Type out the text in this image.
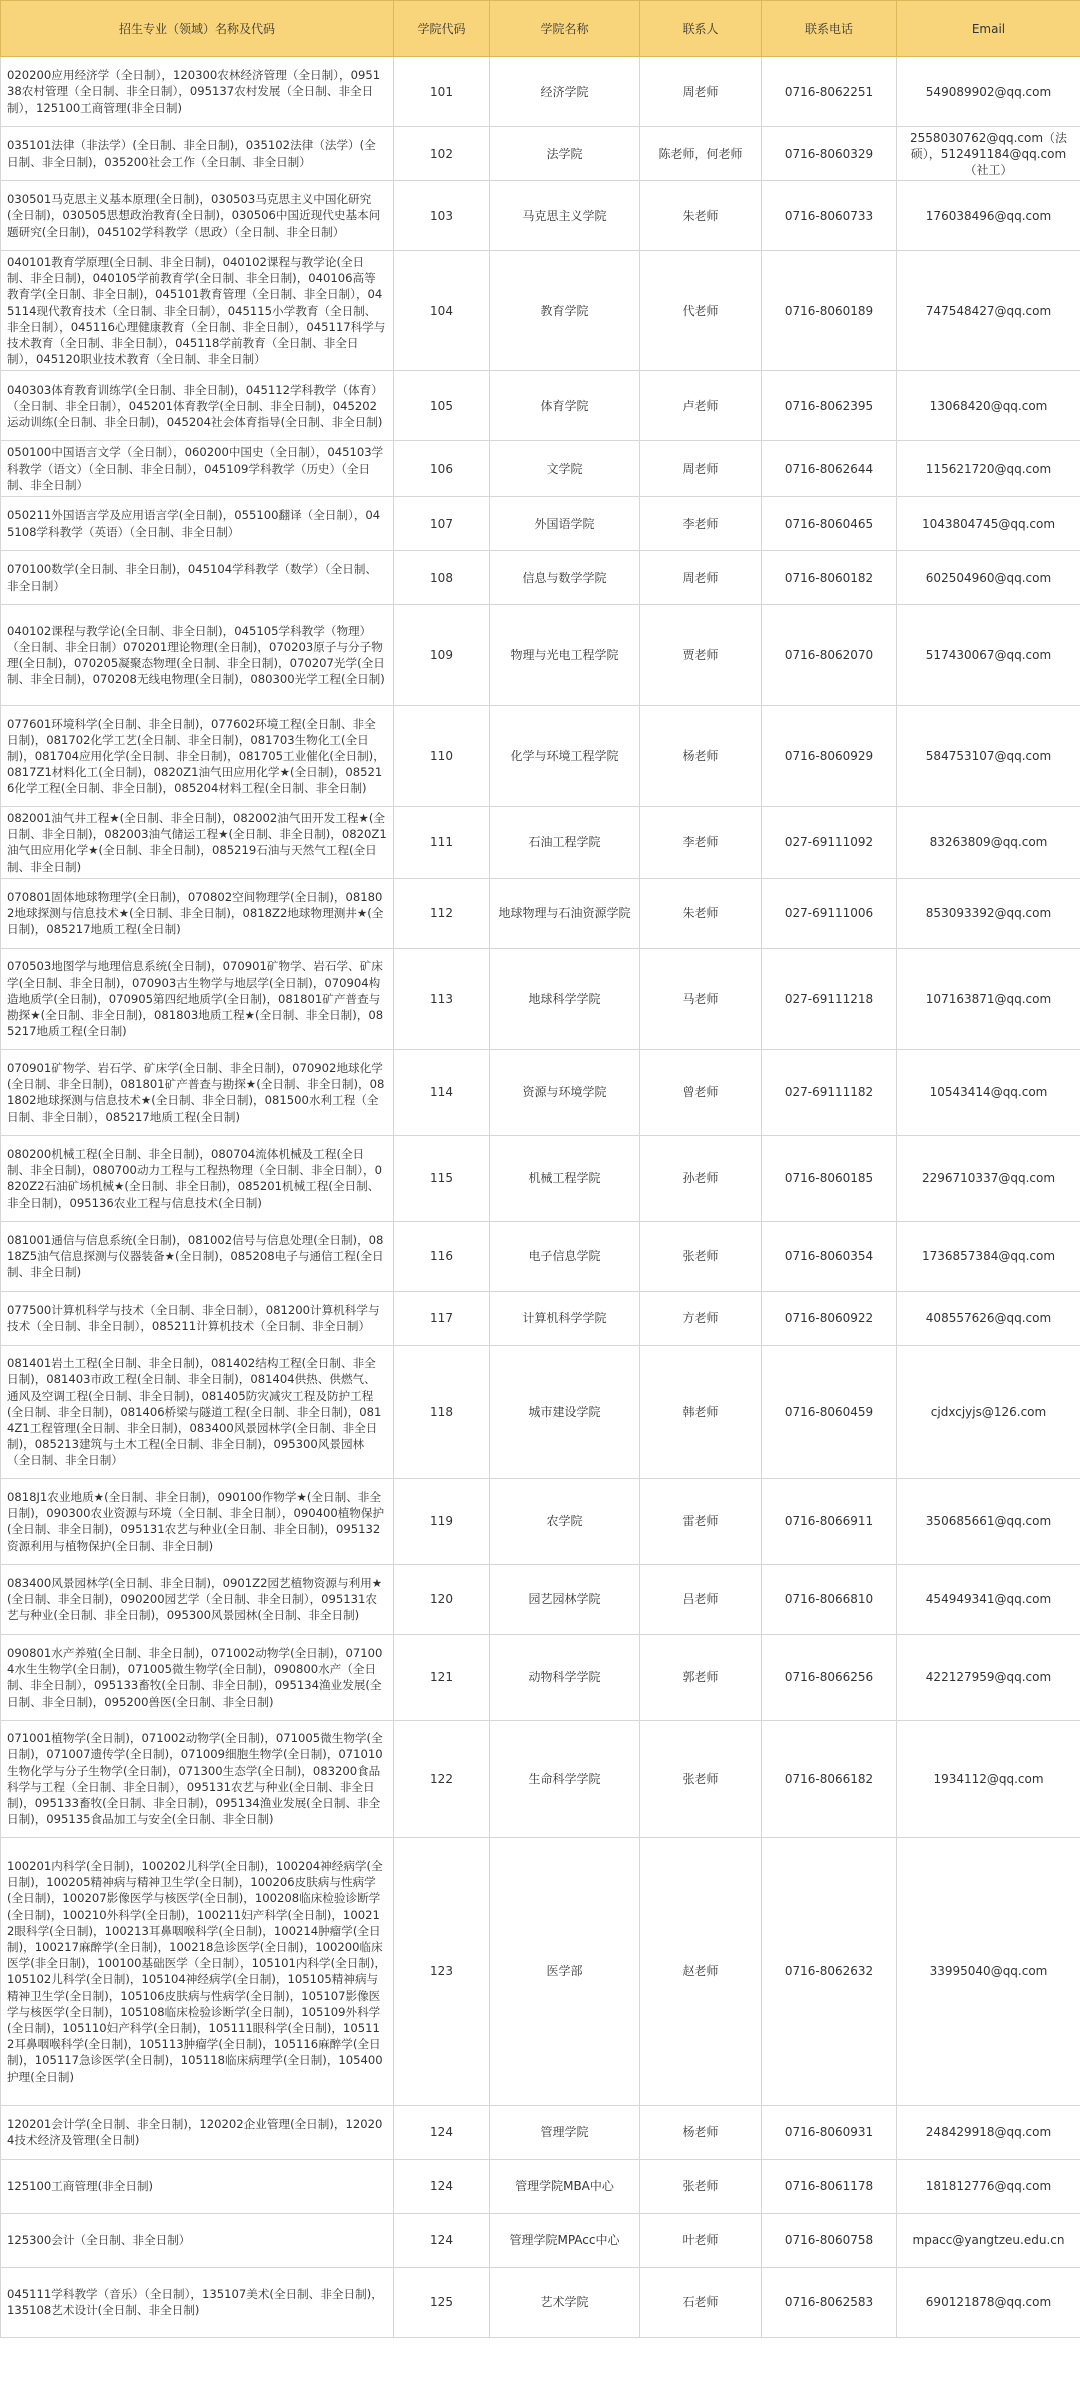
招生专业（领域）名称及代码	学院代码	学院名称	联系人	联系电话	Email
020200应用经济学（全日制），120300农林经济管理（全日制），095138农村管理（全日制、非全日制），095137农村发展（全日制、非全日制），125100工商管理(非全日制)	101	经济学院	周老师	0716-8062251	549089902@qq.com
035101法律（非法学）(全日制、非全日制)，035102法律（法学）(全日制、非全日制)，035200社会工作（全日制、非全日制）	102	法学院	陈老师，何老师	0716-8060329	2558030762@qq.com（法硕），512491184@qq.com（社工）
030501马克思主义基本原理(全日制)，030503马克思主义中国化研究(全日制)，030505思想政治教育(全日制)，030506中国近现代史基本问题研究(全日制)，045102学科教学（思政）（全日制、非全日制）	103	马克思主义学院	朱老师	0716-8060733	176038496@qq.com
040101教育学原理(全日制、非全日制)，040102课程与教学论(全日制、非全日制)，040105学前教育学(全日制、非全日制)，040106高等教育学(全日制、非全日制)，045101教育管理（全日制、非全日制），045114现代教育技术（全日制、非全日制），045115小学教育（全日制、非全日制），045116心理健康教育（全日制、非全日制），045117科学与技术教育（全日制、非全日制），045118学前教育（全日制、非全日制），045120职业技术教育（全日制、非全日制）	104	教育学院	代老师	0716-8060189	747548427@qq.com
040303体育教育训练学(全日制、非全日制)，045112学科教学（体育）（全日制、非全日制），045201体育教学(全日制、非全日制)，045202运动训练(全日制、非全日制)，045204社会体育指导(全日制、非全日制)	105	体育学院	卢老师	0716-8062395	13068420@qq.com
050100中国语言文学（全日制），060200中国史（全日制），045103学科教学（语文）（全日制、非全日制），045109学科教学（历史）（全日制、非全日制）	106	文学院	周老师	0716-8062644	115621720@qq.com
050211外国语言学及应用语言学(全日制)，055100翻译（全日制），045108学科教学（英语）（全日制、非全日制）	107	外国语学院	李老师	0716-8060465	1043804745@qq.com
070100数学(全日制、非全日制)，045104学科教学（数学）（全日制、非全日制）	108	信息与数学学院	周老师	0716-8060182	602504960@qq.com
040102课程与教学论(全日制、非全日制)，045105学科教学（物理）（全日制、非全日制）070201理论物理(全日制)，070203原子与分子物理(全日制)，070205凝聚态物理(全日制、非全日制)，070207光学(全日制、非全日制)，070208无线电物理(全日制)，080300光学工程(全日制)	109	物理与光电工程学院	贾老师	0716-8062070	517430067@qq.com
077601环境科学(全日制、非全日制)，077602环境工程(全日制、非全日制)，081702化学工艺(全日制、非全日制)，081703生物化工(全日制)，081704应用化学(全日制、非全日制)，081705工业催化(全日制)，0817Z1材料化工(全日制)，0820Z1油气田应用化学★(全日制)，085216化学工程(全日制、非全日制)，085204材料工程(全日制、非全日制)	110	化学与环境工程学院	杨老师	0716-8060929	584753107@qq.com
082001油气井工程★(全日制、非全日制)，082002油气田开发工程★(全日制、非全日制)，082003油气储运工程★(全日制、非全日制)，0820Z1油气田应用化学★(全日制、非全日制)，085219石油与天然气工程(全日制、非全日制)	111	石油工程学院	李老师	027-69111092	83263809@qq.com
070801固体地球物理学(全日制)，070802空间物理学(全日制)，081802地球探测与信息技术★(全日制、非全日制)，0818Z2地球物理测井★(全日制)，085217地质工程(全日制)	112	地球物理与石油资源学院	朱老师	027-69111006	853093392@qq.com
070503地图学与地理信息系统(全日制)，070901矿物学、岩石学、矿床学(全日制、非全日制)，070903古生物学与地层学(全日制)，070904构造地质学(全日制)，070905第四纪地质学(全日制)，081801矿产普查与勘探★(全日制、非全日制)，081803地质工程★(全日制、非全日制)，085217地质工程(全日制)	113	地球科学学院	马老师	027-69111218	107163871@qq.com
070901矿物学、岩石学、矿床学(全日制、非全日制)，070902地球化学(全日制、非全日制)，081801矿产普查与勘探★(全日制、非全日制)，081802地球探测与信息技术★(全日制、非全日制)，081500水利工程（全日制、非全日制），085217地质工程(全日制)	114	资源与环境学院	曾老师	027-69111182	10543414@qq.com
080200机械工程(全日制、非全日制)，080704流体机械及工程(全日制、非全日制)，080700动力工程与工程热物理（全日制、非全日制），0820Z2石油矿场机械★(全日制、非全日制)，085201机械工程(全日制、非全日制)，095136农业工程与信息技术(全日制)	115	机械工程学院	孙老师	0716-8060185	2296710337@qq.com
081001通信与信息系统(全日制)，081002信号与信息处理(全日制)，0818Z5油气信息探测与仪器装备★(全日制)，085208电子与通信工程(全日制、非全日制)	116	电子信息学院	张老师	0716-8060354	1736857384@qq.com
077500计算机科学与技术（全日制、非全日制），081200计算机科学与技术（全日制、非全日制），085211计算机技术（全日制、非全日制）	117	计算机科学学院	方老师	0716-8060922	408557626@qq.com
081401岩土工程(全日制、非全日制)，081402结构工程(全日制、非全日制)，081403市政工程(全日制、非全日制)，081404供热、供燃气、通风及空调工程(全日制、非全日制)，081405防灾减灾工程及防护工程(全日制、非全日制)，081406桥梁与隧道工程(全日制、非全日制)，0814Z1工程管理(全日制、非全日制)，083400风景园林学(全日制、非全日制)，085213建筑与土木工程(全日制、非全日制)，095300风景园林（全日制、非全日制）	118	城市建设学院	韩老师	0716-8060459	cjdxcjyjs@126.com
0818J1农业地质★(全日制、非全日制)，090100作物学★(全日制、非全日制)，090300农业资源与环境（全日制、非全日制），090400植物保护(全日制、非全日制)，095131农艺与种业(全日制、非全日制)，095132资源利用与植物保护(全日制、非全日制)	119	农学院	雷老师	0716-8066911	350685661@qq.com
083400风景园林学(全日制、非全日制)，0901Z2园艺植物资源与利用★(全日制、非全日制)，090200园艺学（全日制、非全日制），095131农艺与种业(全日制、非全日制)，095300风景园林(全日制、非全日制)	120	园艺园林学院	吕老师	0716-8066810	454949341@qq.com
090801水产养殖(全日制、非全日制)，071002动物学(全日制)，071004水生生物学(全日制)，071005微生物学(全日制)，090800水产（全日制、非全日制），095133畜牧(全日制、非全日制)，095134渔业发展(全日制、非全日制)，095200兽医(全日制、非全日制)	121	动物科学学院	郭老师	0716-8066256	422127959@qq.com
071001植物学(全日制)，071002动物学(全日制)，071005微生物学(全日制)，071007遗传学(全日制)，071009细胞生物学(全日制)，071010生物化学与分子生物学(全日制)，071300生态学(全日制)，083200食品科学与工程（全日制、非全日制），095131农艺与种业(全日制、非全日制)，095133畜牧(全日制、非全日制)，095134渔业发展(全日制、非全日制)，095135食品加工与安全(全日制、非全日制)	122	生命科学学院	张老师	0716-8066182	1934112@qq.com
100201内科学(全日制)，100202儿科学(全日制)，100204神经病学(全日制)，100205精神病与精神卫生学(全日制)，100206皮肤病与性病学(全日制)，100207影像医学与核医学(全日制)，100208临床检验诊断学(全日制)，100210外科学(全日制)，100211妇产科学(全日制)，100212眼科学(全日制)，100213耳鼻咽喉科学(全日制)，100214肿瘤学(全日制)，100217麻醉学(全日制)，100218急诊医学(全日制)，100200临床医学(非全日制)，100100基础医学（全日制），105101内科学(全日制)，105102儿科学(全日制)，105104神经病学(全日制)，105105精神病与精神卫生学(全日制)，105106皮肤病与性病学(全日制)，105107影像医学与核医学(全日制)，105108临床检验诊断学(全日制)，105109外科学(全日制)，105110妇产科学(全日制)，105111眼科学(全日制)，105112耳鼻咽喉科学(全日制)，105113肿瘤学(全日制)，105116麻醉学(全日制)，105117急诊医学(全日制)，105118临床病理学(全日制)，105400护理(全日制)	123	医学部	赵老师	0716-8062632	33995040@qq.com
120201会计学(全日制、非全日制)，120202企业管理(全日制)，120204技术经济及管理(全日制)	124	管理学院	杨老师	0716-8060931	248429918@qq.com
125100工商管理(非全日制)	124	管理学院MBA中心	张老师	0716-8061178	181812776@qq.com
125300会计（全日制、非全日制）	124	管理学院MPAcc中心	叶老师	0716-8060758	mpacc@yangtzeu.edu.cn
045111学科教学（音乐）（全日制），135107美术(全日制、非全日制)，135108艺术设计(全日制、非全日制)	125	艺术学院	石老师	0716-8062583	690121878@qq.com
